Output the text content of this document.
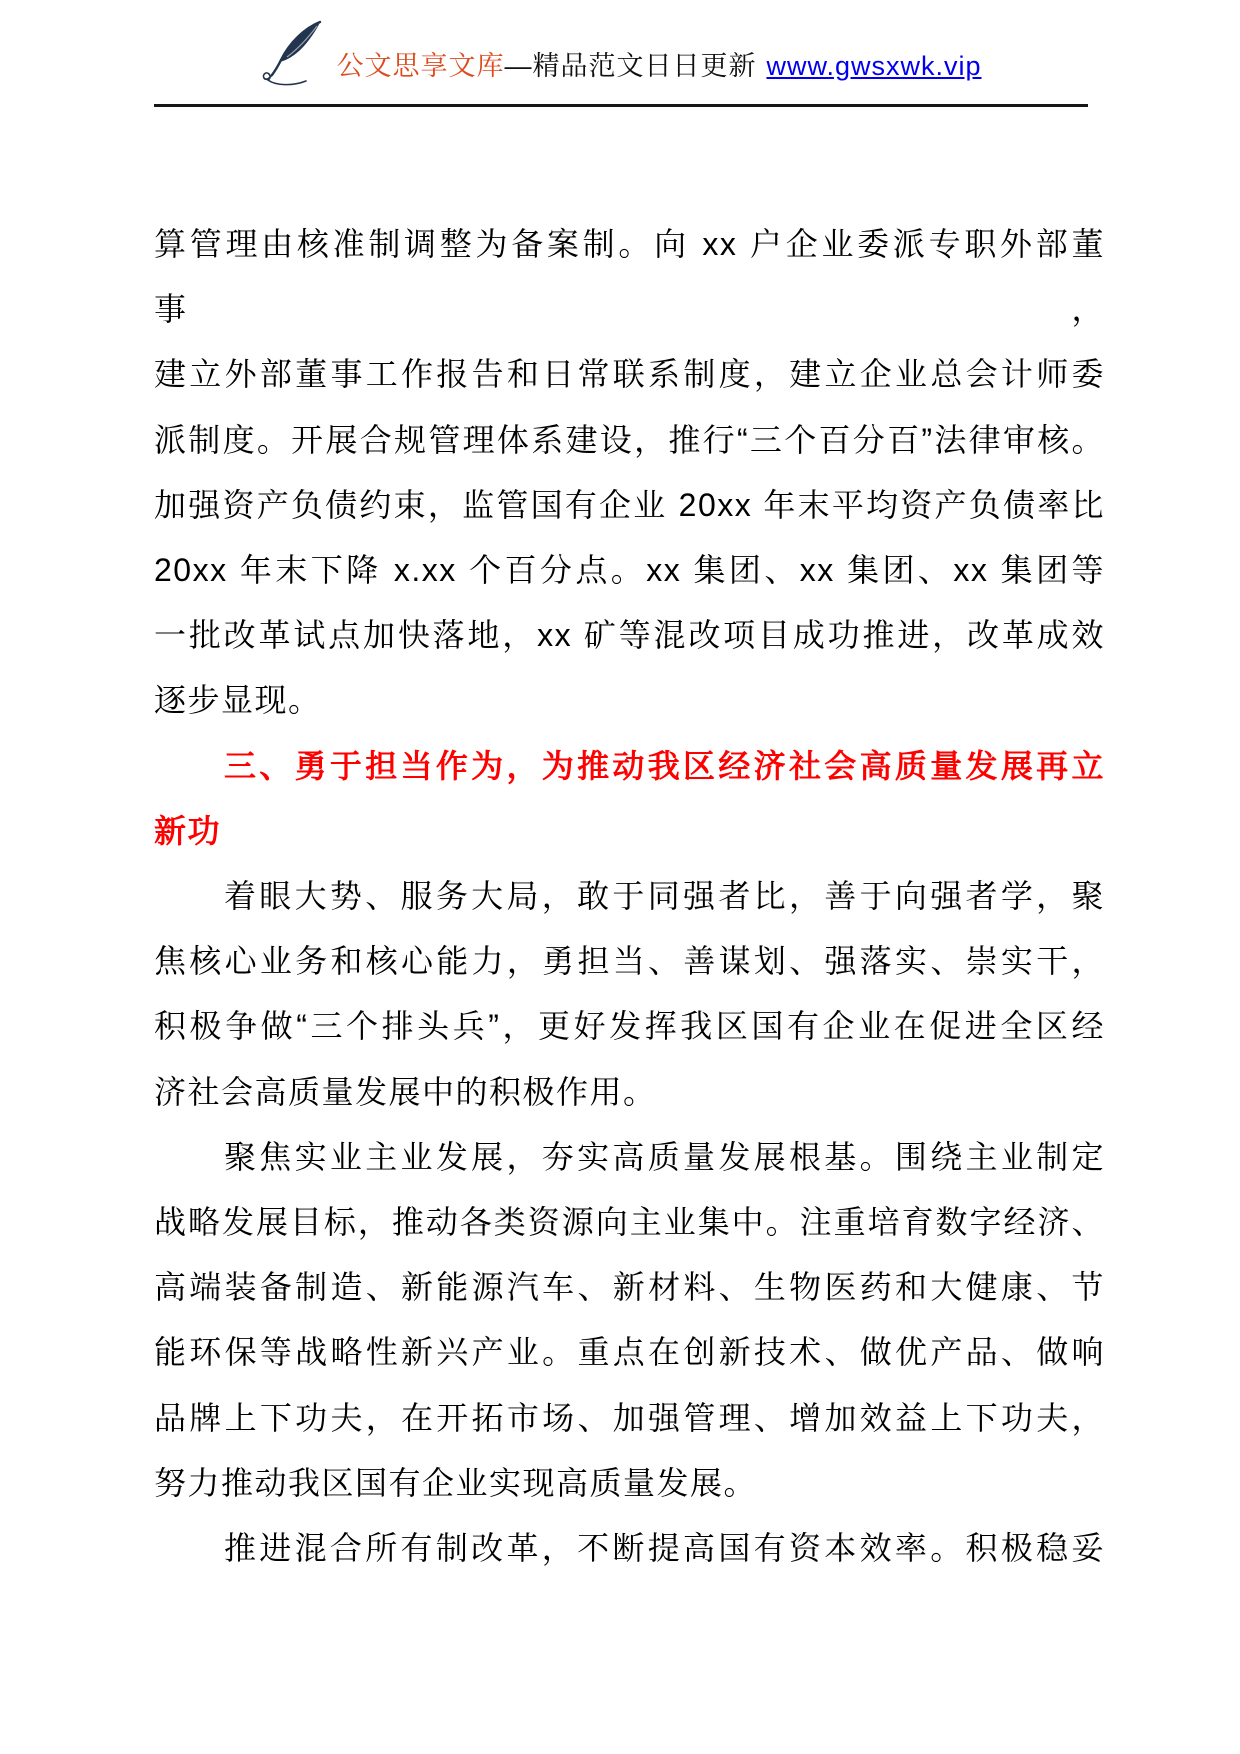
公文思享文库—精品范文日日更新 www.gwsxwk.vip
算管理由核准制调整为备案制。向 xx 户企业委派专职外部董事，
建立外部董事工作报告和日常联系制度，建立企业总会计师委
派制度。开展合规管理体系建设，推行“三个百分百”法律审核。
加强资产负债约束，监管国有企业 20xx 年末平均资产负债率比
20xx 年末下降 x.xx 个百分点。xx 集团、xx 集团、xx 集团等
一批改革试点加快落地，xx 矿等混改项目成功推进，改革成效
逐步显现。
三、勇于担当作为，为推动我区经济社会高质量发展再立
新功
着眼大势、服务大局，敢于同强者比，善于向强者学，聚
焦核心业务和核心能力，勇担当、善谋划、强落实、崇实干，
积极争做“三个排头兵”，更好发挥我区国有企业在促进全区经
济社会高质量发展中的积极作用。
聚焦实业主业发展，夯实高质量发展根基。围绕主业制定
战略发展目标，推动各类资源向主业集中。注重培育数字经济、
高端装备制造、新能源汽车、新材料、生物医药和大健康、节
能环保等战略性新兴产业。重点在创新技术、做优产品、做响
品牌上下功夫，在开拓市场、加强管理、增加效益上下功夫，
努力推动我区国有企业实现高质量发展。
推进混合所有制改革，不断提高国有资本效率。积极稳妥
